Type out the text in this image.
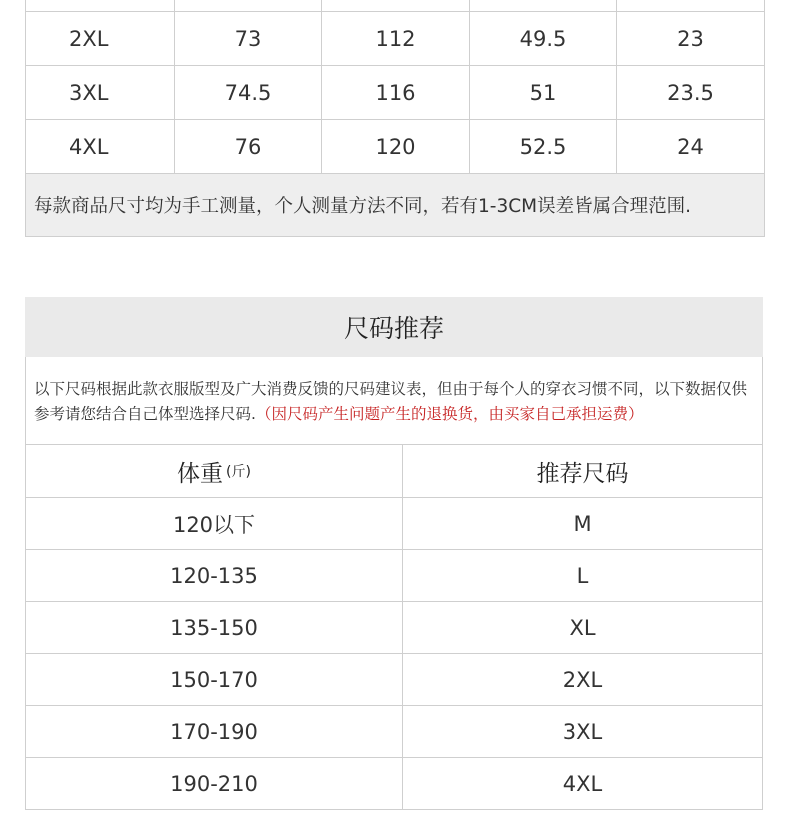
2XL	73	112	49.5	23
3XL	74.5	116	51	23.5
4XL	76	120	52.5	24
每款商品尺寸均为手工测量，个人测量方法不同，若有1-3CM误差皆属合理范围.
尺码推荐
以下尺码根据此款衣服版型及广大消费反馈的尺码建议表，但由于每个人的穿衣习惯不同，以下数据仅供参考请您结合自己体型选择尺码.（因尺码产生问题产生的退换货，由买家自己承担运费）
体重 (斤)	推荐尺码
120以下	M
120-135	L
135-150	XL
150-170	2XL
170-190	3XL
190-210	4XL
